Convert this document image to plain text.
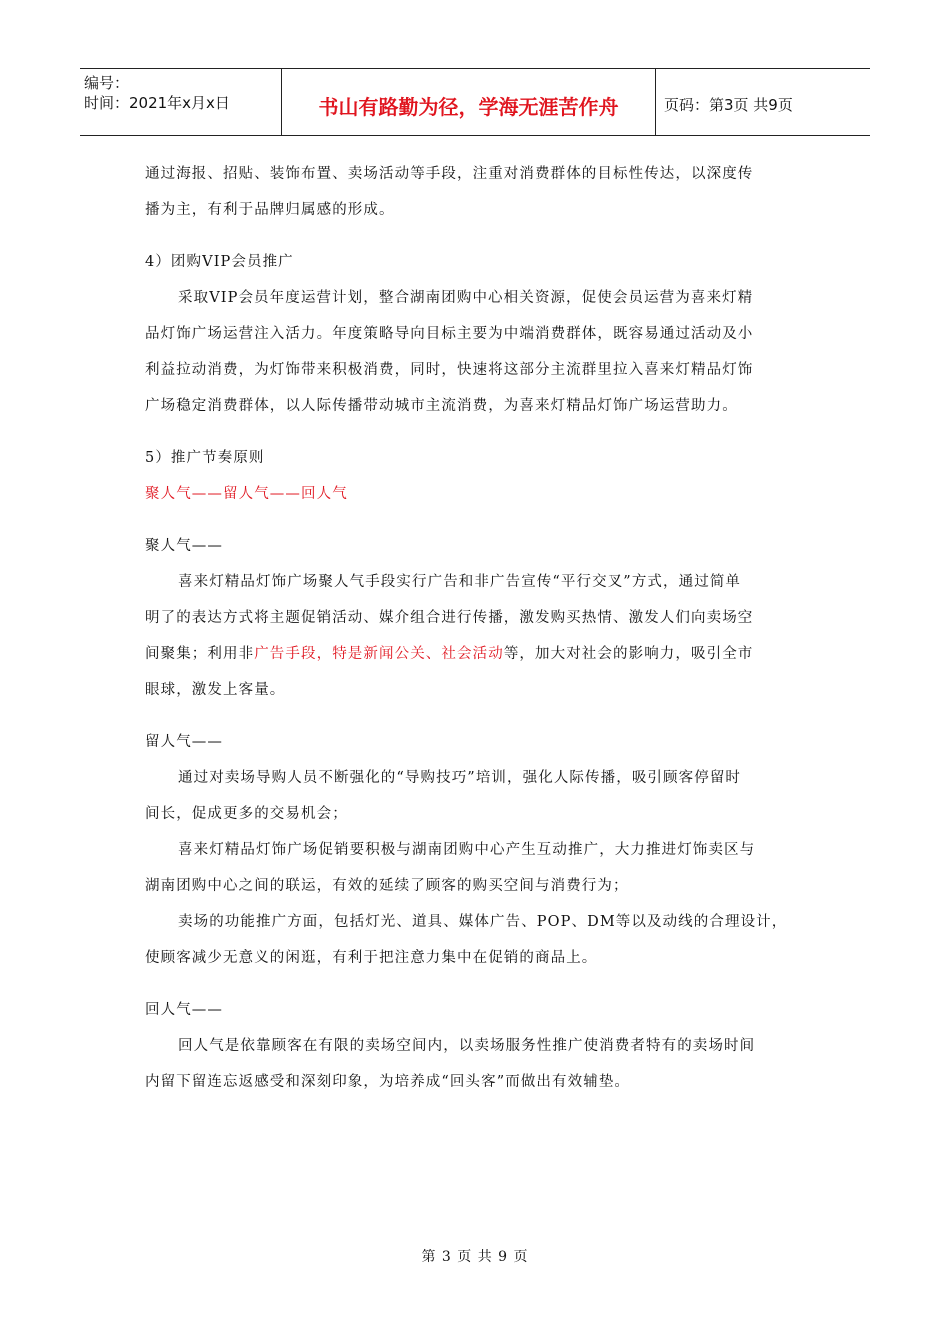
编号：
时间：2021年x月x日	书山有路勤为径，学海无涯苦作舟	页码：第3页 共9页

通过海报、招贴、装饰布置、卖场活动等手段，注重对消费群体的目标性传达，以深度传

播为主，有利于品牌归属感的形成。

4）团购VIP会员推广

采取VIP会员年度运营计划，整合湖南团购中心相关资源，促使会员运营为喜来灯精

品灯饰广场运营注入活力。年度策略导向目标主要为中端消费群体，既容易通过活动及小

利益拉动消费，为灯饰带来积极消费，同时，快速将这部分主流群里拉入喜来灯精品灯饰

广场稳定消费群体，以人际传播带动城市主流消费，为喜来灯精品灯饰广场运营助力。

5）推广节奏原则

聚人气——留人气——回人气

聚人气——

喜来灯精品灯饰广场聚人气手段实行广告和非广告宣传“平行交叉”方式，通过简单

明了的表达方式将主题促销活动、媒介组合进行传播，激发购买热情、激发人们向卖场空

间聚集；利用非广告手段，特是新闻公关、社会活动等，加大对社会的影响力，吸引全市

眼球，激发上客量。

留人气——

通过对卖场导购人员不断强化的“导购技巧”培训，强化人际传播，吸引顾客停留时

间长，促成更多的交易机会；

喜来灯精品灯饰广场促销要积极与湖南团购中心产生互动推广，大力推进灯饰卖区与

湖南团购中心之间的联运，有效的延续了顾客的购买空间与消费行为；

卖场的功能推广方面，包括灯光、道具、媒体广告、POP、DM等以及动线的合理设计，

使顾客减少无意义的闲逛，有利于把注意力集中在促销的商品上。

回人气——

回人气是依靠顾客在有限的卖场空间内，以卖场服务性推广使消费者特有的卖场时间

内留下留连忘返感受和深刻印象，为培养成“回头客”而做出有效辅垫。

第 3 页 共 9 页
